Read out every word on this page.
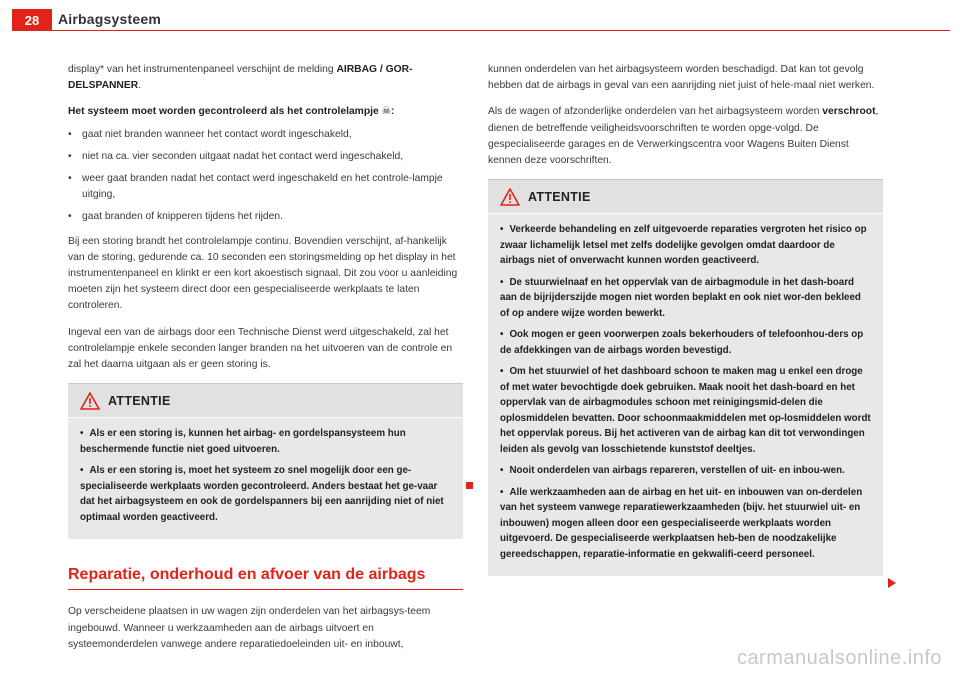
28	Airbagsysteem

display* van het instrumentenpaneel verschijnt de melding AIRBAG / GOR-DELSPANNER.

Het systeem moet worden gecontroleerd als het controlelampje ☠:
• gaat niet branden wanneer het contact wordt ingeschakeld,
• niet na ca. vier seconden uitgaat nadat het contact werd ingeschakeld,
• weer gaat branden nadat het contact werd ingeschakeld en het controle-lampje uitging,
• gaat branden of knipperen tijdens het rijden.

Bij een storing brandt het controlelampje continu. Bovendien verschijnt, af-hankelijk van de storing, gedurende ca. 10 seconden een storingsmelding op het display in het instrumentenpaneel en klinkt er een kort akoestisch signaal. Dit zou voor u aanleiding moeten zijn het systeem direct door een gespecialiseerde werkplaats te laten controleren.

Ingeval een van de airbags door een Technische Dienst werd uitgeschakeld, zal het controlelampje enkele seconden langer branden na het uitvoeren van de controle en zal het daarna uitgaan als er geen storing is.

ATTENTIE
• Als er een storing is, kunnen het airbag- en gordelspansysteem hun beschermende functie niet goed uitvoeren.
• Als er een storing is, moet het systeem zo snel mogelijk door een ge-specialiseerde werkplaats worden gecontroleerd. Anders bestaat het ge-vaar dat het airbagsysteem en ook de gordelspanners bij een aanrijding niet of niet optimaal worden geactiveerd.
Reparatie, onderhoud en afvoer van de airbags

Op verscheidene plaatsen in uw wagen zijn onderdelen van het airbagsys-teem ingebouwd. Wanneer u werkzaamheden aan de airbags uitvoert en systeemonderdelen vanwege andere reparatiedoeleinden uit- en inbouwt,

kunnen onderdelen van het airbagsysteem worden beschadigd. Dat kan tot gevolg hebben dat de airbags in geval van een aanrijding niet juist of hele-maal niet werken.

Als de wagen of afzonderlijke onderdelen van het airbagsysteem worden verschroot, dienen de betreffende veiligheidsvoorschriften te worden opge-volgd. De gespecialiseerde garages en de Verwerkingscentra voor Wagens Buiten Dienst kennen deze voorschriften.

ATTENTIE
• Verkeerde behandeling en zelf uitgevoerde reparaties vergroten het risico op zwaar lichamelijk letsel met zelfs dodelijke gevolgen omdat daardoor de airbags niet of onverwacht kunnen worden geactiveerd.
• De stuurwielnaaf en het oppervlak van de airbagmodule in het dash-board aan de bijrijderszijde mogen niet worden beplakt en ook niet wor-den bekleed of op andere wijze worden bewerkt.
• Ook mogen er geen voorwerpen zoals bekerhouders of telefoonhou-ders op de afdekkingen van de airbags worden bevestigd.
• Om het stuurwiel of het dashboard schoon te maken mag u enkel een droge of met water bevochtigde doek gebruiken. Maak nooit het dash-board en het oppervlak van de airbagmodules schoon met reinigingsmid-delen die oplosmiddelen bevatten. Door schoonmaakmiddelen met op-losmiddelen wordt het oppervlak poreus. Bij het activeren van de airbag kan dit tot verwondingen leiden als gevolg van losschietende kunststof deeltjes.
• Nooit onderdelen van airbags repareren, verstellen of uit- en inbou-wen.
• Alle werkzaamheden aan de airbag en het uit- en inbouwen van on-derdelen van het systeem vanwege reparatiewerkzaamheden (bijv. het stuurwiel uit- en inbouwen) mogen alleen door een gespecialiseerde werkplaats worden uitgevoerd. De gespecialiseerde werkplaatsen heb-ben de noodzakelijke gereedschappen, reparatie-informatie en gekwalifi-ceerd personeel.
carmanualsonline.info
